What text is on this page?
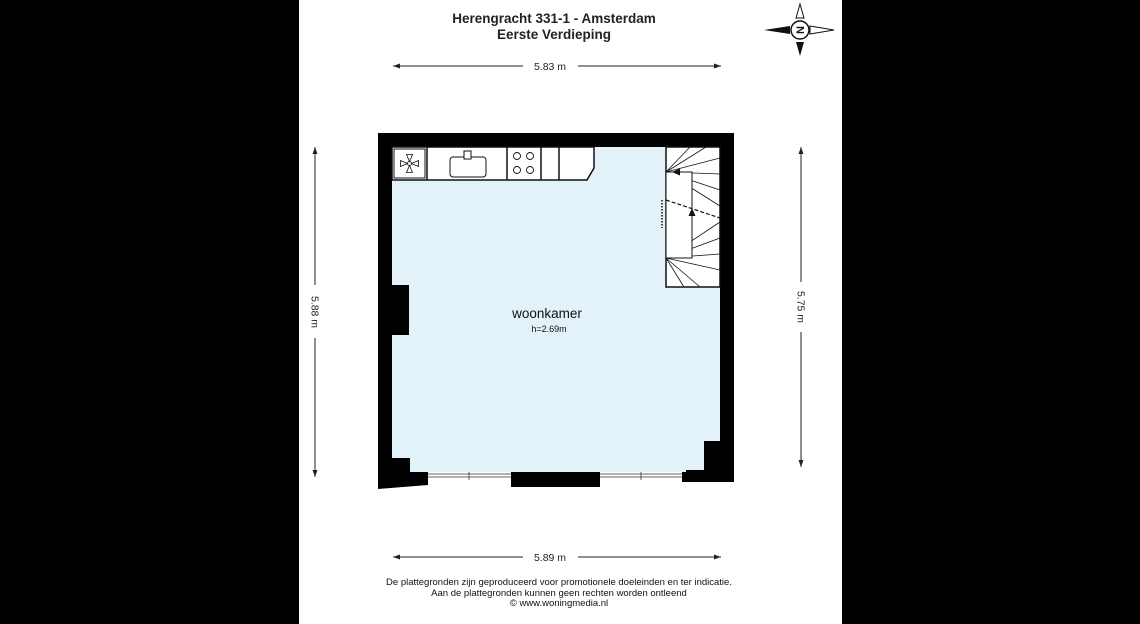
Herengracht 331-1 - Amsterdam
Eerste Verdieping	N
5.83 m
5.89 m
5.88 m	5.75 m
woonkamer
h=2.69m
De plattegronden zijn geproduceerd voor promotionele doeleinden en ter indicatie.
Aan de plattegronden kunnen geen rechten worden ontleend
© www.woningmedia.nl
